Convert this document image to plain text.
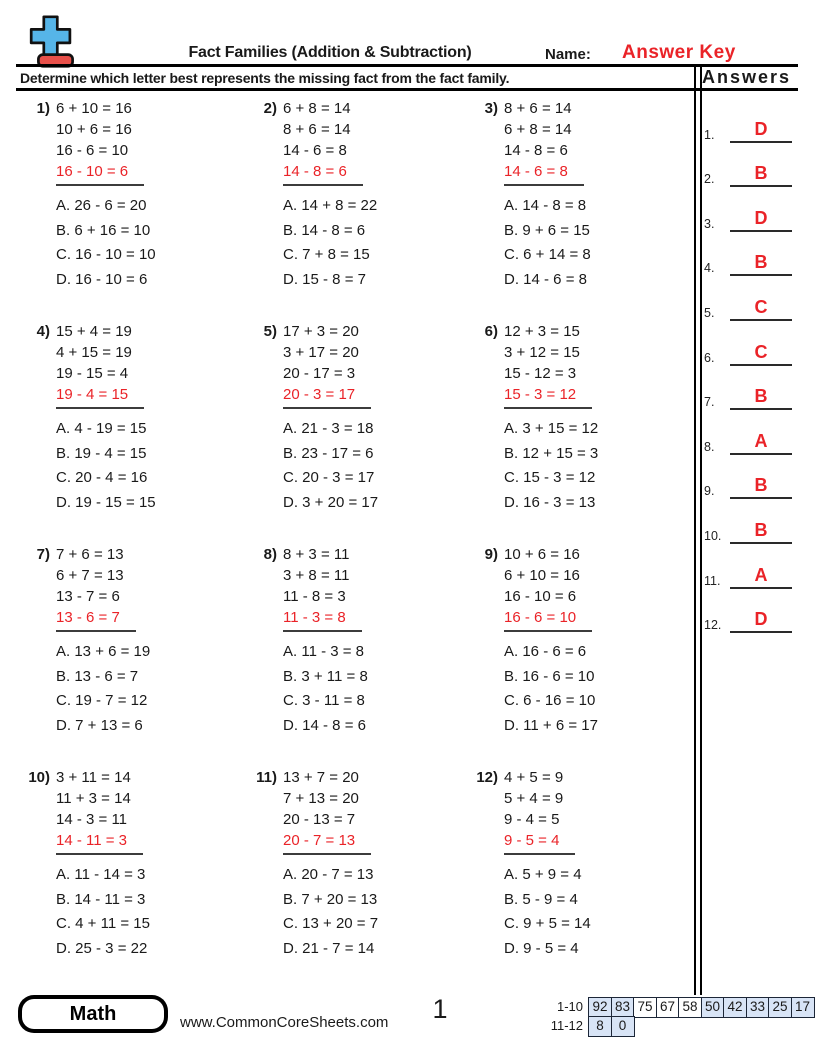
Fact Families (Addition & Subtraction)	Name: Answer Key
Determine which letter best represents the missing fact from the fact family.	Answers
1.	D
2.	B
3.	D
4.	B
5.	C
6.	C
7.	B
8.	A
9.	B
10.	B
11.	A
12.	D
1) 6 + 10 = 16
10 + 6 = 16
16 - 6 = 10
16 - 10 = 6
A. 26 - 6 = 20
B. 6 + 16 = 10
C. 16 - 10 = 10
D. 16 - 10 = 6
2) 6 + 8 = 14
8 + 6 = 14
14 - 6 = 8
14 - 8 = 6
A. 14 + 8 = 22
B. 14 - 8 = 6
C. 7 + 8 = 15
D. 15 - 8 = 7
3) 8 + 6 = 14
6 + 8 = 14
14 - 8 = 6
14 - 6 = 8
A. 14 - 8 = 8
B. 9 + 6 = 15
C. 6 + 14 = 8
D. 14 - 6 = 8
4) 15 + 4 = 19
4 + 15 = 19
19 - 15 = 4
19 - 4 = 15
A. 4 - 19 = 15
B. 19 - 4 = 15
C. 20 - 4 = 16
D. 19 - 15 = 15
5) 17 + 3 = 20
3 + 17 = 20
20 - 17 = 3
20 - 3 = 17
A. 21 - 3 = 18
B. 23 - 17 = 6
C. 20 - 3 = 17
D. 3 + 20 = 17
6) 12 + 3 = 15
3 + 12 = 15
15 - 12 = 3
15 - 3 = 12
A. 3 + 15 = 12
B. 12 + 15 = 3
C. 15 - 3 = 12
D. 16 - 3 = 13
7) 7 + 6 = 13
6 + 7 = 13
13 - 7 = 6
13 - 6 = 7
A. 13 + 6 = 19
B. 13 - 6 = 7
C. 19 - 7 = 12
D. 7 + 13 = 6
8) 8 + 3 = 11
3 + 8 = 11
11 - 8 = 3
11 - 3 = 8
A. 11 - 3 = 8
B. 3 + 11 = 8
C. 3 - 11 = 8
D. 14 - 8 = 6
9) 10 + 6 = 16
6 + 10 = 16
16 - 10 = 6
16 - 6 = 10
A. 16 - 6 = 6
B. 16 - 6 = 10
C. 6 - 16 = 10
D. 11 + 6 = 17
10) 3 + 11 = 14
11 + 3 = 14
14 - 3 = 11
14 - 11 = 3
A. 11 - 14 = 3
B. 14 - 11 = 3
C. 4 + 11 = 15
D. 25 - 3 = 22
11) 13 + 7 = 20
7 + 13 = 20
20 - 13 = 7
20 - 7 = 13
A. 20 - 7 = 13
B. 7 + 20 = 13
C. 13 + 20 = 7
D. 21 - 7 = 14
12) 4 + 5 = 9
5 + 4 = 9
9 - 4 = 5
9 - 5 = 4
A. 5 + 9 = 4
B. 5 - 9 = 4
C. 9 + 5 = 14
D. 9 - 5 = 4
Math	www.CommonCoreSheets.com	1	1-10 92 83 75 67 58 50 42 33 25 17
11-12 8	0
